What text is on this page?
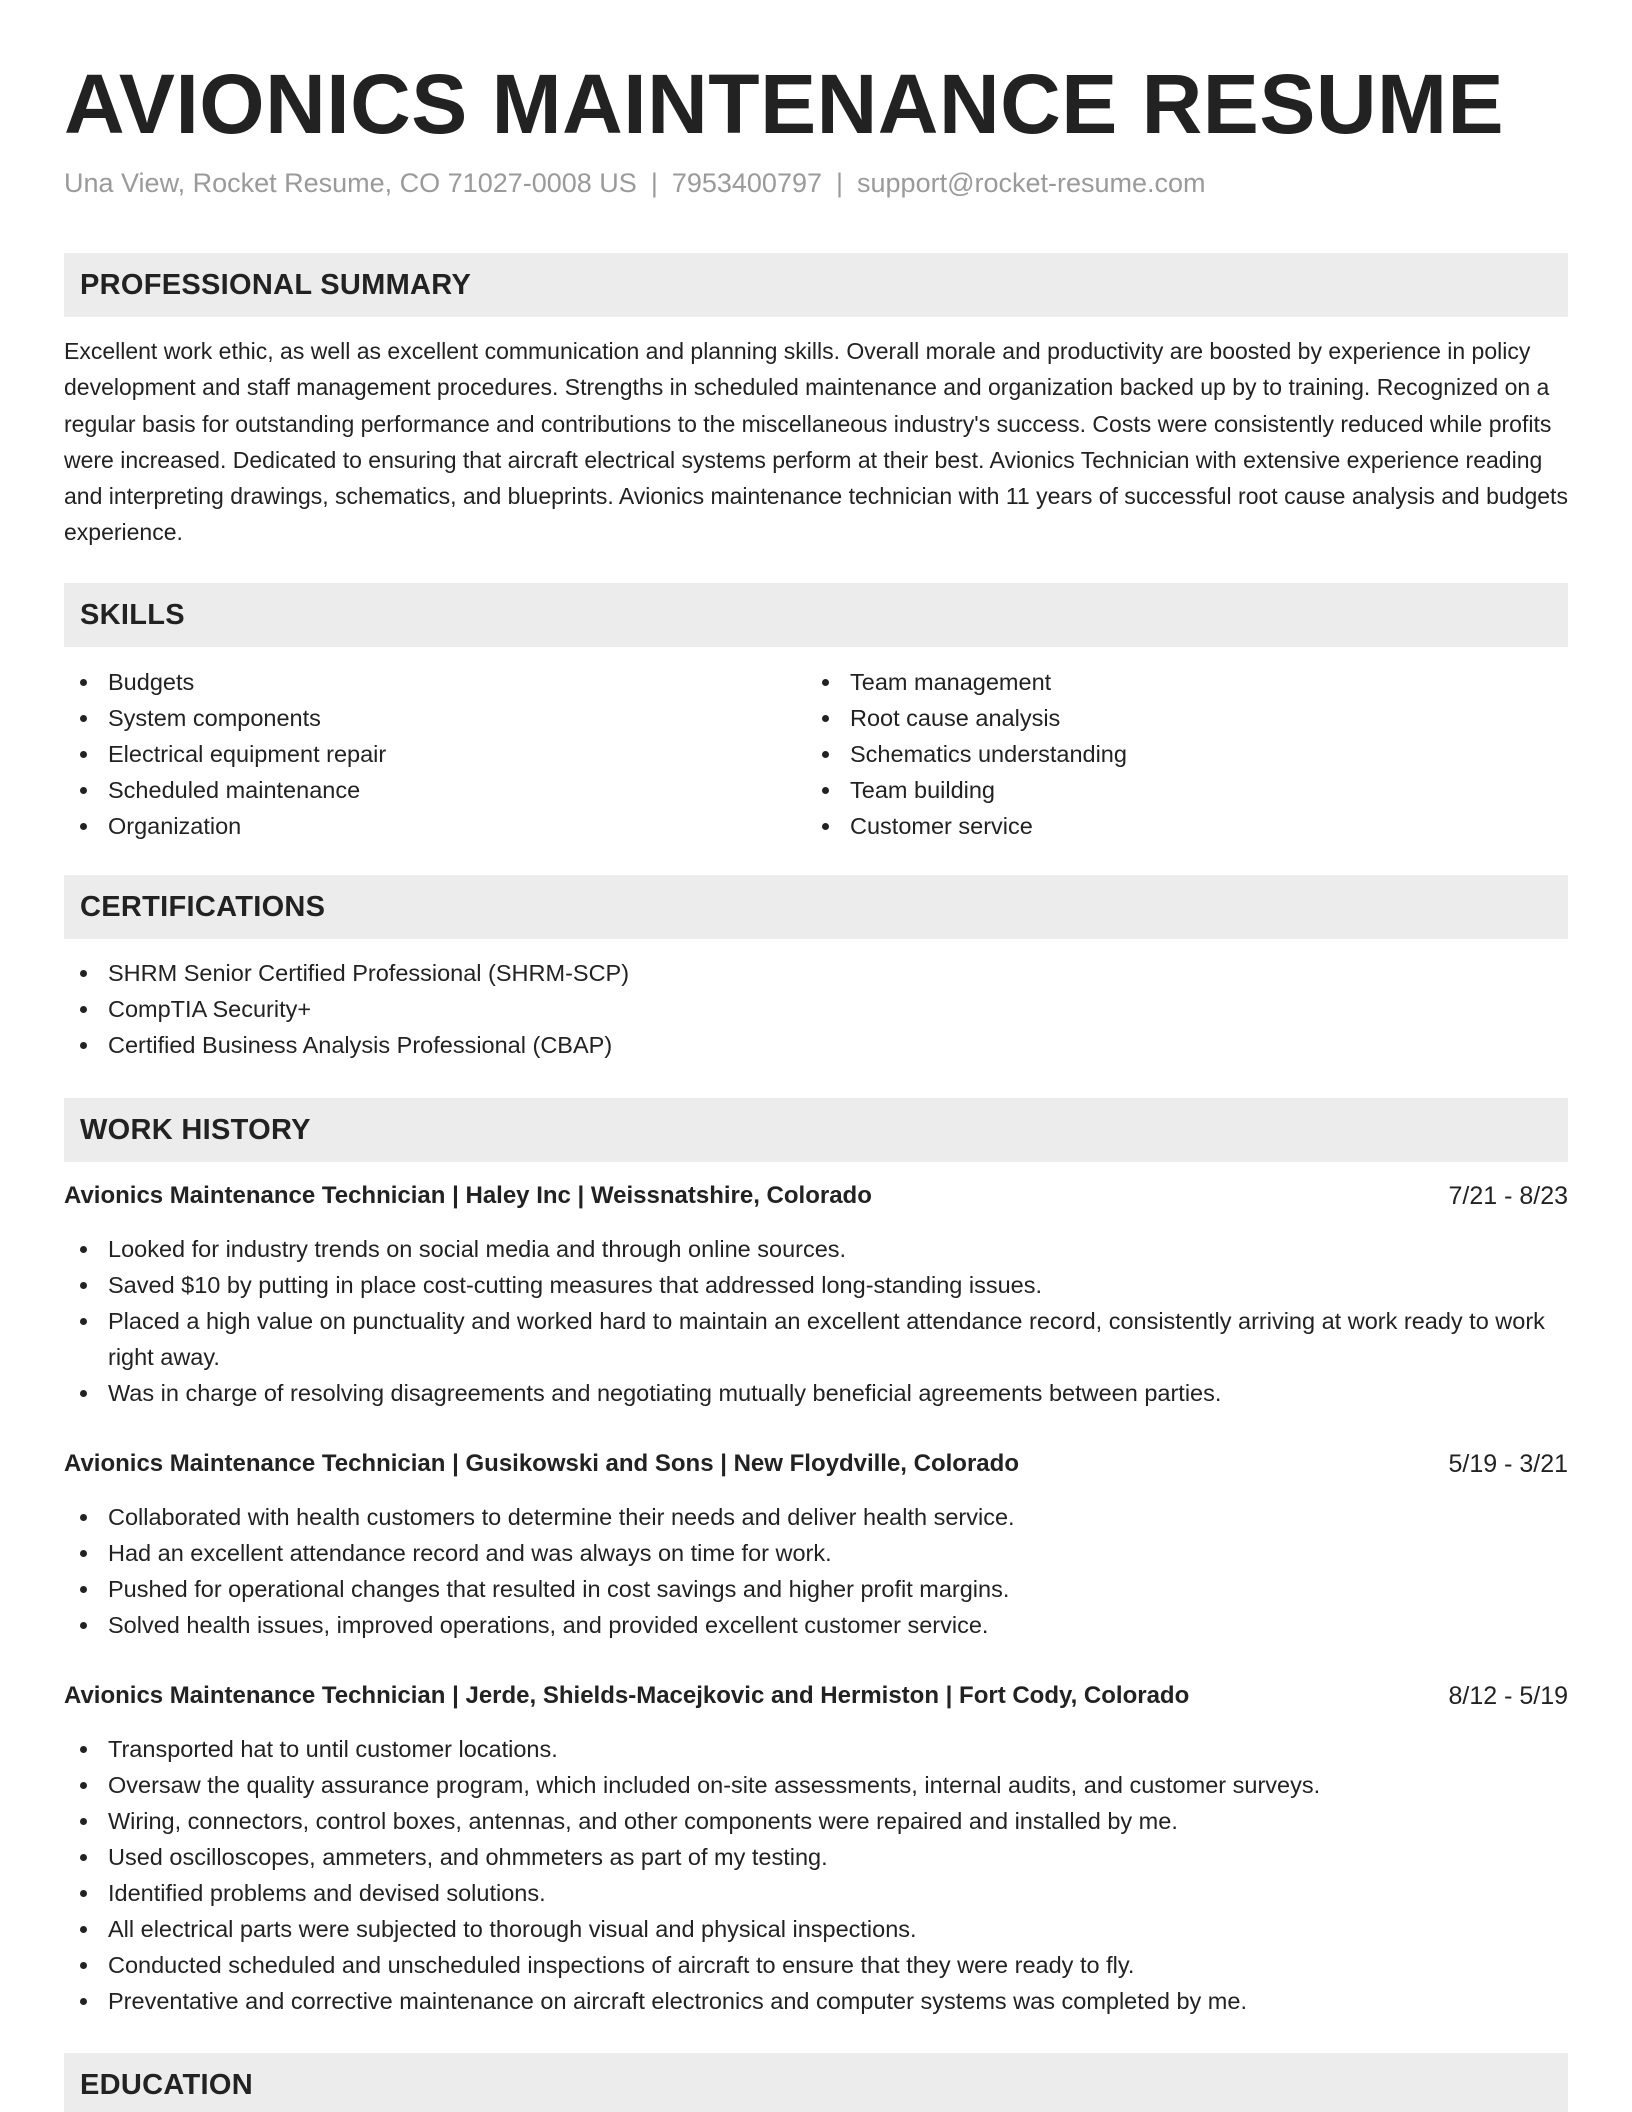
AVIONICS MAINTENANCE RESUME
Una View, Rocket Resume, CO 71027-0008 US | 7953400797 | support@rocket-resume.com
PROFESSIONAL SUMMARY

Excellent work ethic, as well as excellent communication and planning skills. Overall morale and productivity are boosted by experience in policy development and staff management procedures. Strengths in scheduled maintenance and organization backed up by to training. Recognized on a regular basis for outstanding performance and contributions to the miscellaneous industry's success. Costs were consistently reduced while profits were increased. Dedicated to ensuring that aircraft electrical systems perform at their best. Avionics Technician with extensive experience reading and interpreting drawings, schematics, and blueprints. Avionics maintenance technician with 11 years of successful root cause analysis and budgets experience.

SKILLS
Budgets
System components
Electrical equipment repair
Scheduled maintenance
Organization
Team management
Root cause analysis
Schematics understanding
Team building
Customer service
CERTIFICATIONS
SHRM Senior Certified Professional (SHRM-SCP)
CompTIA Security+
Certified Business Analysis Professional (CBAP)
WORK HISTORY
Avionics Maintenance Technician | Haley Inc | Weissnatshire, Colorado	7/21 - 8/23
Looked for industry trends on social media and through online sources.
Saved $10 by putting in place cost-cutting measures that addressed long-standing issues.
Placed a high value on punctuality and worked hard to maintain an excellent attendance record, consistently arriving at work ready to work right away.
Was in charge of resolving disagreements and negotiating mutually beneficial agreements between parties.
Avionics Maintenance Technician | Gusikowski and Sons | New Floydville, Colorado	5/19 - 3/21
Collaborated with health customers to determine their needs and deliver health service.
Had an excellent attendance record and was always on time for work.
Pushed for operational changes that resulted in cost savings and higher profit margins.
Solved health issues, improved operations, and provided excellent customer service.
Avionics Maintenance Technician | Jerde, Shields-Macejkovic and Hermiston | Fort Cody, Colorado	8/12 - 5/19
Transported hat to until customer locations.
Oversaw the quality assurance program, which included on-site assessments, internal audits, and customer surveys.
Wiring, connectors, control boxes, antennas, and other components were repaired and installed by me.
Used oscilloscopes, ammeters, and ohmmeters as part of my testing.
Identified problems and devised solutions.
All electrical parts were subjected to thorough visual and physical inspections.
Conducted scheduled and unscheduled inspections of aircraft to ensure that they were ready to fly.
Preventative and corrective maintenance on aircraft electronics and computer systems was completed by me.
EDUCATION
